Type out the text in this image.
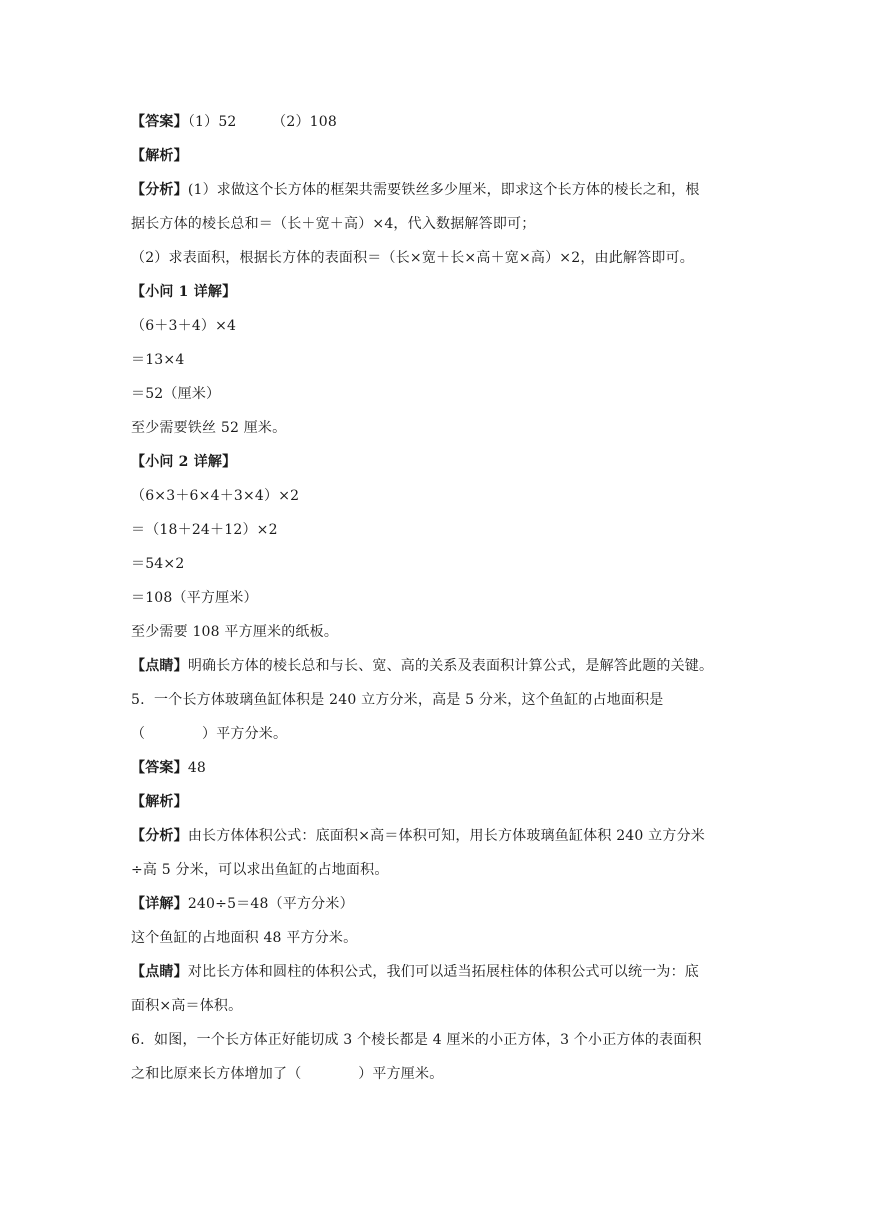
【答案】（1）52　　　（2）108
【解析】
【分析】(1）求做这个长方体的框架共需要铁丝多少厘米，即求这个长方体的棱长之和，根
据长方体的棱长总和＝（长＋宽＋高）×4，代入数据解答即可；
（2）求表面积，根据长方体的表面积＝（长×宽＋长×高＋宽×高）×2，由此解答即可。
【小问 1 详解】
（6＋3＋4）×4
＝13×4
＝52（厘米）
至少需要铁丝 52 厘米。
【小问 2 详解】
（6×3＋6×4＋3×4）×2
＝（18＋24＋12）×2
＝54×2
＝108（平方厘米）
至少需要 108 平方厘米的纸板。
【点睛】明确长方体的棱长总和与长、宽、高的关系及表面积计算公式，是解答此题的关键。
5.  一个长方体玻璃鱼缸体积是 240 立方分米，高是 5 分米，这个鱼缸的占地面积是
（　　　　）平方分米。
【答案】48
【解析】
【分析】由长方体体积公式：底面积×高＝体积可知，用长方体玻璃鱼缸体积 240 立方分米
÷高 5 分米，可以求出鱼缸的占地面积。
【详解】240÷5＝48（平方分米）
这个鱼缸的占地面积 48 平方分米。
【点睛】对比长方体和圆柱的体积公式，我们可以适当拓展柱体的体积公式可以统一为：底
面积×高＝体积。
6.  如图，一个长方体正好能切成 3 个棱长都是 4 厘米的小正方体，3 个小正方体的表面积
之和比原来长方体增加了（　　　　）平方厘米。
